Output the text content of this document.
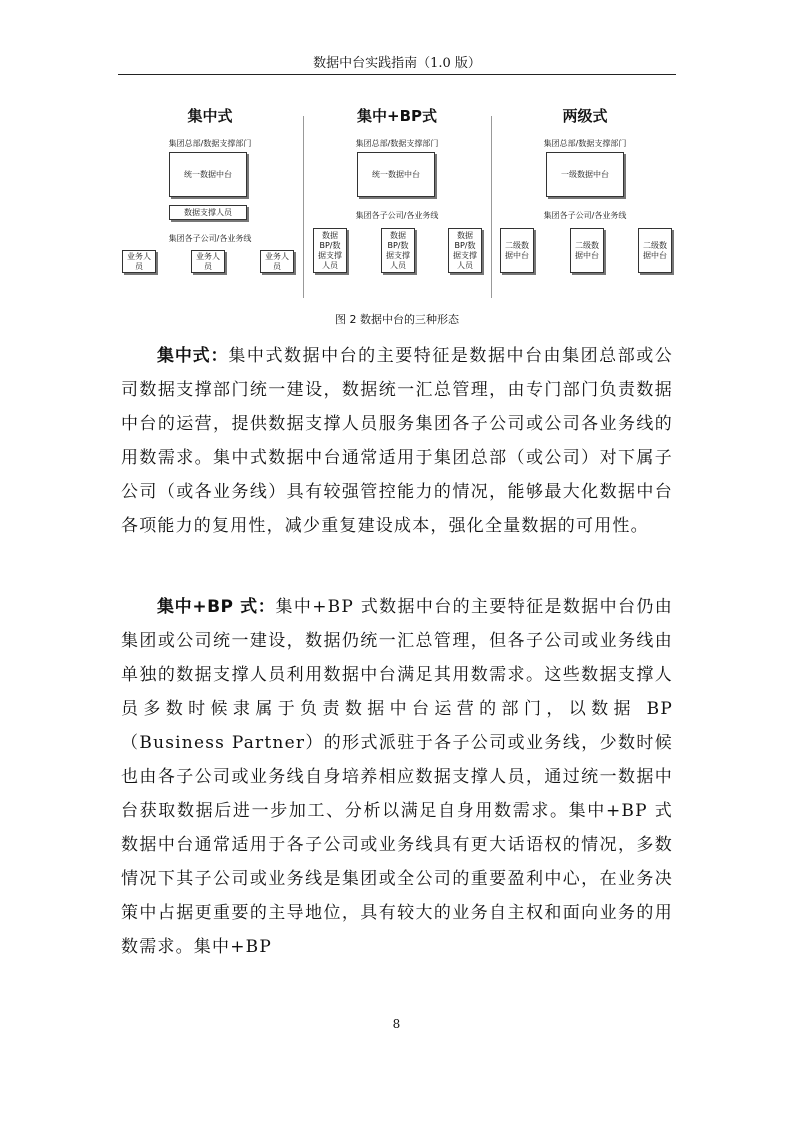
数据中台实践指南（1.0 版）
集中式
集团总部/数据支撑部门
统一数据中台
数据支撑人员
集团各子公司/各业务线
业务人员
业务人员
业务人员
集中+BP式
集团总部/数据支撑部门
统一数据中台
集团各子公司/各业务线
数据BP/数据支撑人员
数据BP/数据支撑人员
数据BP/数据支撑人员
两级式
集团总部/数据支撑部门
一级数据中台
集团各子公司/各业务线
二级数据中台
二级数据中台
二级数据中台
图 2 数据中台的三种形态
集中式：集中式数据中台的主要特征是数据中台由集团总部或公司数据支撑部门统一建设，数据统一汇总管理，由专门部门负责数据中台的运营，提供数据支撑人员服务集团各子公司或公司各业务线的用数需求。集中式数据中台通常适用于集团总部（或公司）对下属子公司（或各业务线）具有较强管控能力的情况，能够最大化数据中台各项能力的复用性，减少重复建设成本，强化全量数据的可用性。
集中+BP 式：集中+BP 式数据中台的主要特征是数据中台仍由集团或公司统一建设，数据仍统一汇总管理，但各子公司或业务线由单独的数据支撑人员利用数据中台满足其用数需求。这些数据支撑人员多数时候隶属于负责数据中台运营的部门，以数据 BP（Business Partner）的形式派驻于各子公司或业务线，少数时候也由各子公司或业务线自身培养相应数据支撑人员，通过统一数据中台获取数据后进一步加工、分析以满足自身用数需求。集中+BP 式数据中台通常适用于各子公司或业务线具有更大话语权的情况，多数情况下其子公司或业务线是集团或全公司的重要盈利中心，在业务决策中占据更重要的主导地位，具有较大的业务自主权和面向业务的用数需求。集中+BP
8
